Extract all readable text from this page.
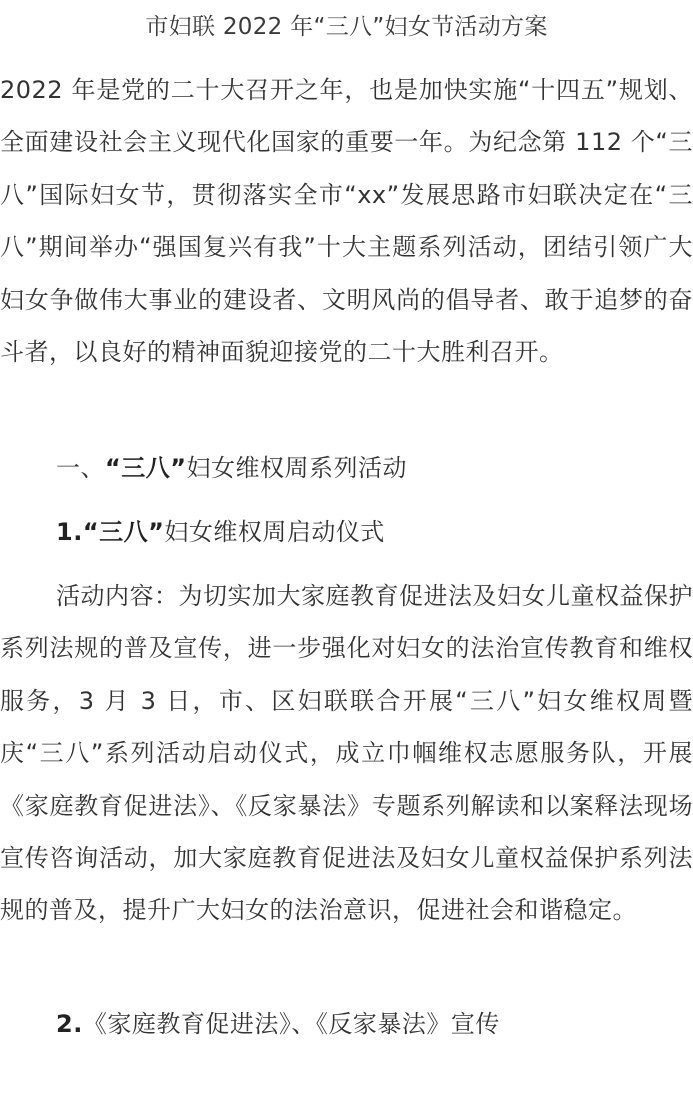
市妇联 2022 年“三八”妇女节活动方案

2022 年是党的二十大召开之年，也是加快实施“十四五”规划、全面建设社会主义现代化国家的重要一年。为纪念第 112 个“三八”国际妇女节，贯彻落实全市“xx”发展思路市妇联决定在“三八”期间举办“强国复兴有我”十大主题系列活动，团结引领广大妇女争做伟大事业的建设者、文明风尚的倡导者、敢于追梦的奋斗者，以良好的精神面貌迎接党的二十大胜利召开。

一、“三八”妇女维权周系列活动
1.“三八”妇女维权周启动仪式

活动内容：为切实加大家庭教育促进法及妇女儿童权益保护系列法规的普及宣传，进一步强化对妇女的法治宣传教育和维权服务，3 月 3 日，市、区妇联联合开展“三八”妇女维权周暨庆“三八”系列活动启动仪式，成立巾帼维权志愿服务队，开展《家庭教育促进法》、《反家暴法》专题系列解读和以案释法现场宣传咨询活动，加大家庭教育促进法及妇女儿童权益保护系列法规的普及，提升广大妇女的法治意识，促进社会和谐稳定。

2.《家庭教育促进法》、《反家暴法》宣传
